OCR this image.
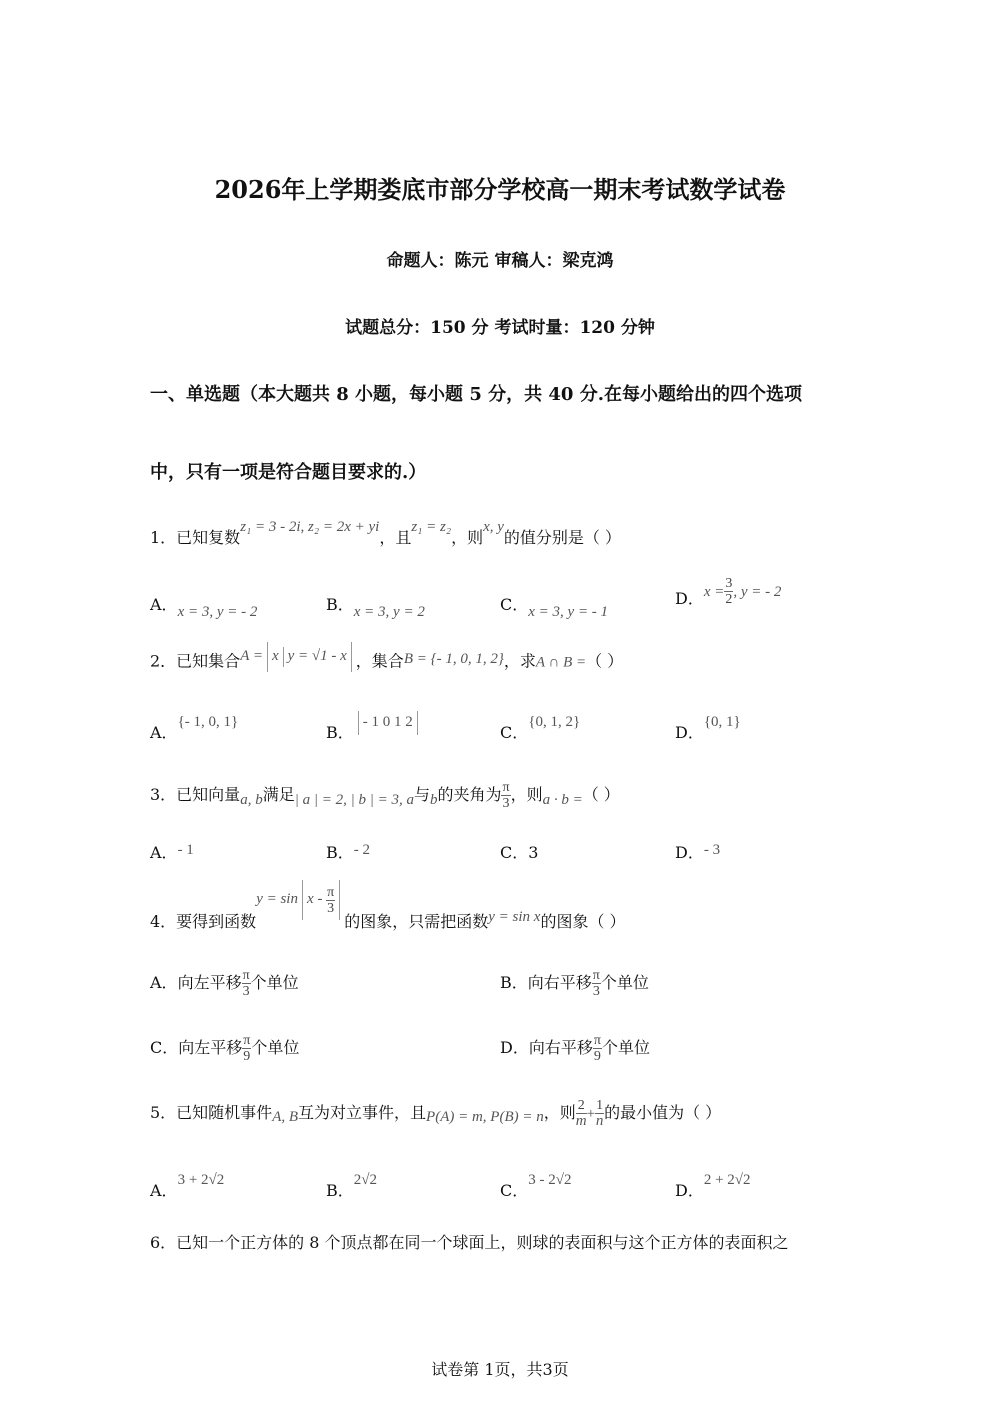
2026年上学期娄底市部分学校高一期末考试数学试卷
命题人：陈元 审稿人：梁克鸿
试题总分：150 分 考试时量：120 分钟
一、单选题（本大题共 8 小题，每小题 5 分，共 40 分.在每小题给出的四个选项
中，只有一项是符合题目要求的.）
1．已知复数z₁ = 3 - 2i, z₂ = 2x + yi，且z₁ = z₂，则x, y的值分别是（ ）
A．x = 3, y = - 2	B．x = 3, y = 2	C．x = 3, y = - 1
D．$x = \frac{3}{2}$ , y = - 2
2．已知集合A = x y = √1 - x ，集合B = {- 1, 0, 1, 2}，求A ∩ B =（ ）
A．{- 1, 0, 1}
B．- 1 0 1 2
C．{0, 1, 2}
D．{0, 1}
3．已知向量a, b满足| a | = 2, | b | = 3, a与b的夹角为 $\frac{\pi}{3}$ ，则a · b =（ ）
A．- 1	B．- 2	C．3	D．- 3
4．要得到函数$y = \sin x - \frac{\pi}{3}$
的图象，只需把函数y = sin x的图象（ ）
A．向左平移 $\frac{\pi}{3}$ 个单位	B．向右平移 $\frac{\pi}{3}$ 个单位
C．向左平移 $\frac{\pi}{9}$ 个单位	D．向右平移 $\frac{\pi}{9}$ 个单位
5．已知随机事件A, B互为对立事件，且P(A) = m, P(B) = n，则 $\frac{2}{m} + \frac{1}{n}$ 的最小值为（ ）
A．3 + 2√2
B．2√2
C．3 - 2√2
D．2 + 2√2
6．已知一个正方体的 8 个顶点都在同一个球面上，则球的表面积与这个正方体的表面积之
试卷第 1页，共3页
